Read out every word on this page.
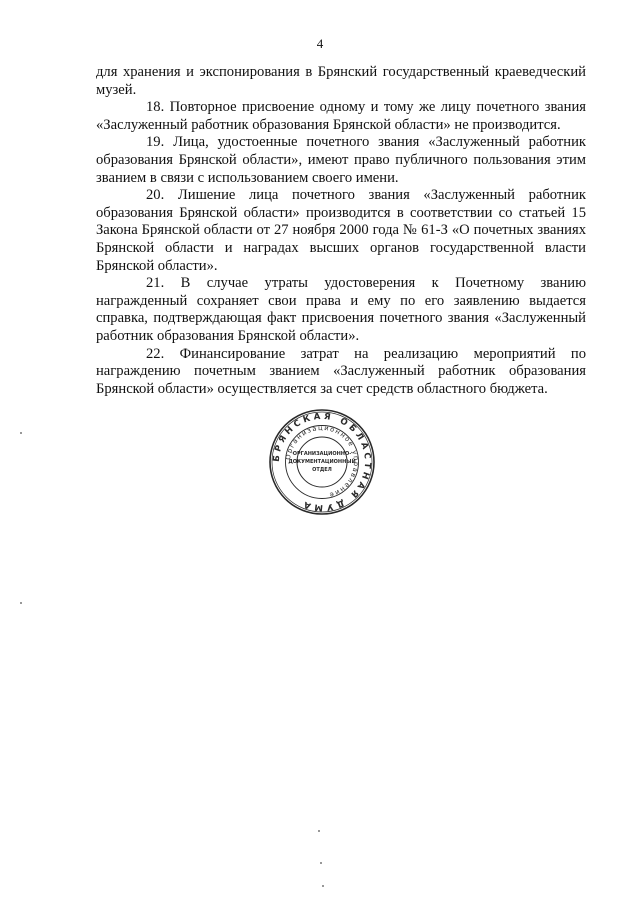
4

для хранения и экспонирования в Брянский государственный краеведческий музей.

18. Повторное присвоение одному и тому же лицу почетного звания «Заслуженный работник образования Брянской области» не производится.

19. Лица, удостоенные почетного звания «Заслуженный работник образования Брянской области», имеют право публичного пользования этим званием в связи с использованием своего имени.

20. Лишение лица почетного звания «Заслуженный работник образования Брянской области» производится в соответствии со статьей 15 Закона Брянской области от 27 ноября 2000 года № 61-З «О почетных званиях Брянской области и наградах высших органов государственной власти Брянской области».

21. В случае утраты удостоверения к Почетному званию награжденный сохраняет свои права и ему по его заявлению выдается справка, подтверждающая факт присвоения почетного звания «Заслуженный работник образования Брянской области».

22. Финансирование затрат на реализацию мероприятий по награждению почетным званием «Заслуженный работник образования Брянской области» осуществляется за счет средств областного бюджета.

БРЯНСКАЯ ОБЛАСТНАЯ ДУМА
Организационное управление
ОРГАНИЗАЦИОННО-
ДОКУМЕНТАЦИОННЫЙ
ОТДЕЛ
